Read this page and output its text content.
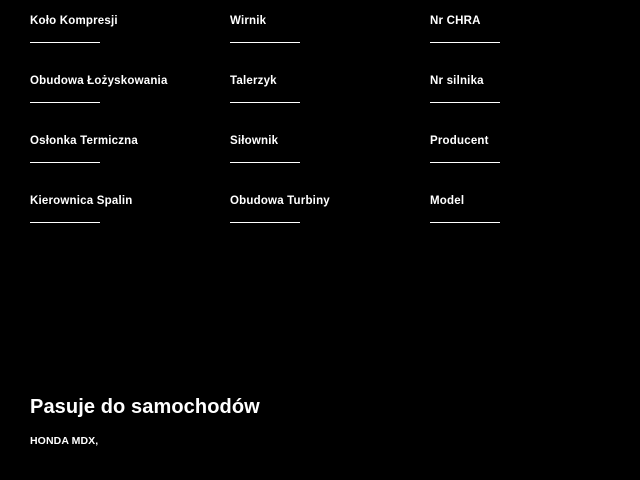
Koło Kompresji	Wirnik	Nr CHRA
Obudowa Łożyskowania	Talerzyk	Nr silnika
Osłonka Termiczna	Siłownik	Producent
Kierownica Spalin	Obudowa Turbiny	Model
Pasuje do samochodów
HONDA MDX,
